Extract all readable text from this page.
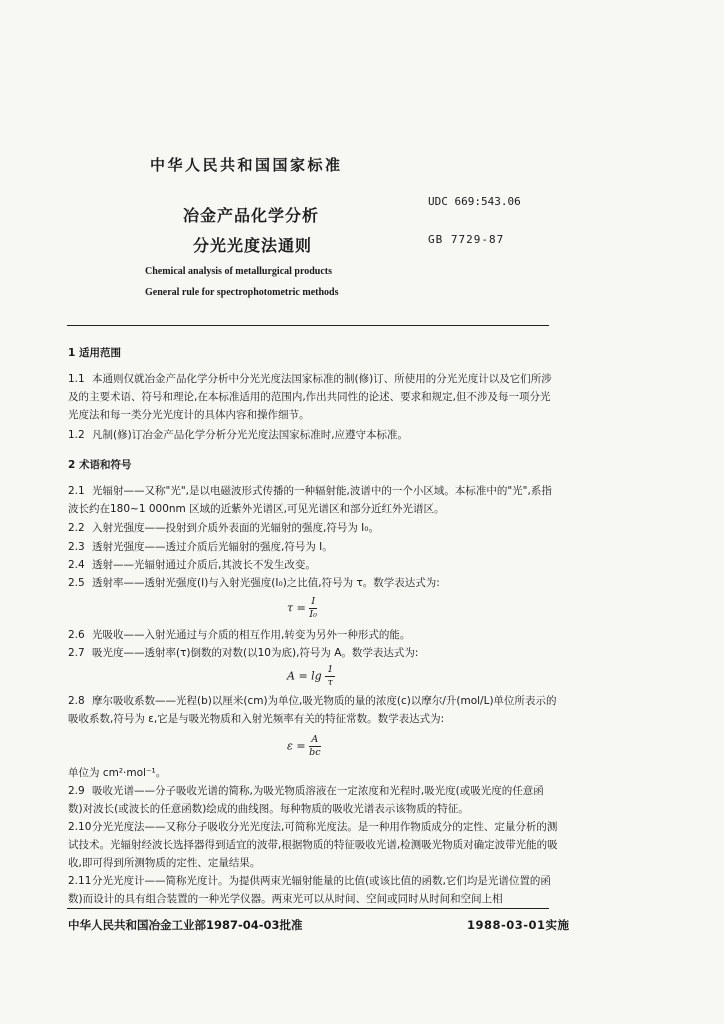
中华人民共和国国家标准
冶金产品化学分析
分光光度法通则
UDC 669:543.06
GB 7729-87
Chemical analysis of metallurgical products
General rule for spectrophotometric methods
1 适用范围
1.1 本通则仅就冶金产品化学分析中分光光度法国家标准的制(修)订、所使用的分光光度计以及它们所涉及的主要术语、符号和理论,在本标准适用的范围内,作出共同性的论述、要求和规定,但不涉及每一项分光光度法和每一类分光光度计的具体内容和操作细节。
1.2 凡制(修)订冶金产品化学分析分光光度法国家标准时,应遵守本标准。
2 术语和符号
2.1 光辐射——又称"光",是以电磁波形式传播的一种辐射能,波谱中的一个小区域。本标准中的"光",系指波长约在180~1 000nm 区域的近紫外光谱区,可见光谱区和部分近红外光谱区。
2.2 入射光强度——投射到介质外表面的光辐射的强度,符号为 I₀。
2.3 透射光强度——透过介质后光辐射的强度,符号为 I。
2.4 透射——光辐射通过介质后,其波长不发生改变。
2.5 透射率——透射光强度(I)与入射光强度(I₀)之比值,符号为 τ。数学表达式为:
$\tau = \frac{I}{\text{I₀}}$
2.6 光吸收——入射光通过与介质的相互作用,转变为另外一种形式的能。
2.7 吸光度——透射率(τ)倒数的对数(以10为底),符号为 A。数学表达式为:
$A = \lg \frac{1}{\tau}$
2.8 摩尔吸收系数——光程(b)以厘米(cm)为单位,吸光物质的量的浓度(c)以摩尔/升(mol/L)单位所表示的吸收系数,符号为 ε,它是与吸光物质和入射光频率有关的特征常数。数学表达式为:
$\varepsilon = \frac{A}{bc}$
单位为 cm²·mol⁻¹。
2.9 吸收光谱——分子吸收光谱的简称,为吸光物质溶液在一定浓度和光程时,吸光度(或吸光度的任意函数)对波长(或波长的任意函数)绘成的曲线图。每种物质的吸收光谱表示该物质的特征。
2.10分光光度法——又称分子吸收分光光度法,可简称光度法。是一种用作物质成分的定性、定量分析的测试技术。光辐射经波长选择器得到适宜的波带,根据物质的特征吸收光谱,检测吸光物质对确定波带光能的吸收,即可得到所测物质的定性、定量结果。
2.11分光光度计——简称光度计。为提供两束光辐射能量的比值(或该比值的函数,它们均是光谱位置的函数)而设计的具有组合装置的一种光学仪器。两束光可以从时间、空间或同时从时间和空间上相
中华人民共和国冶金工业部1987-04-03批准	1988-03-01实施
